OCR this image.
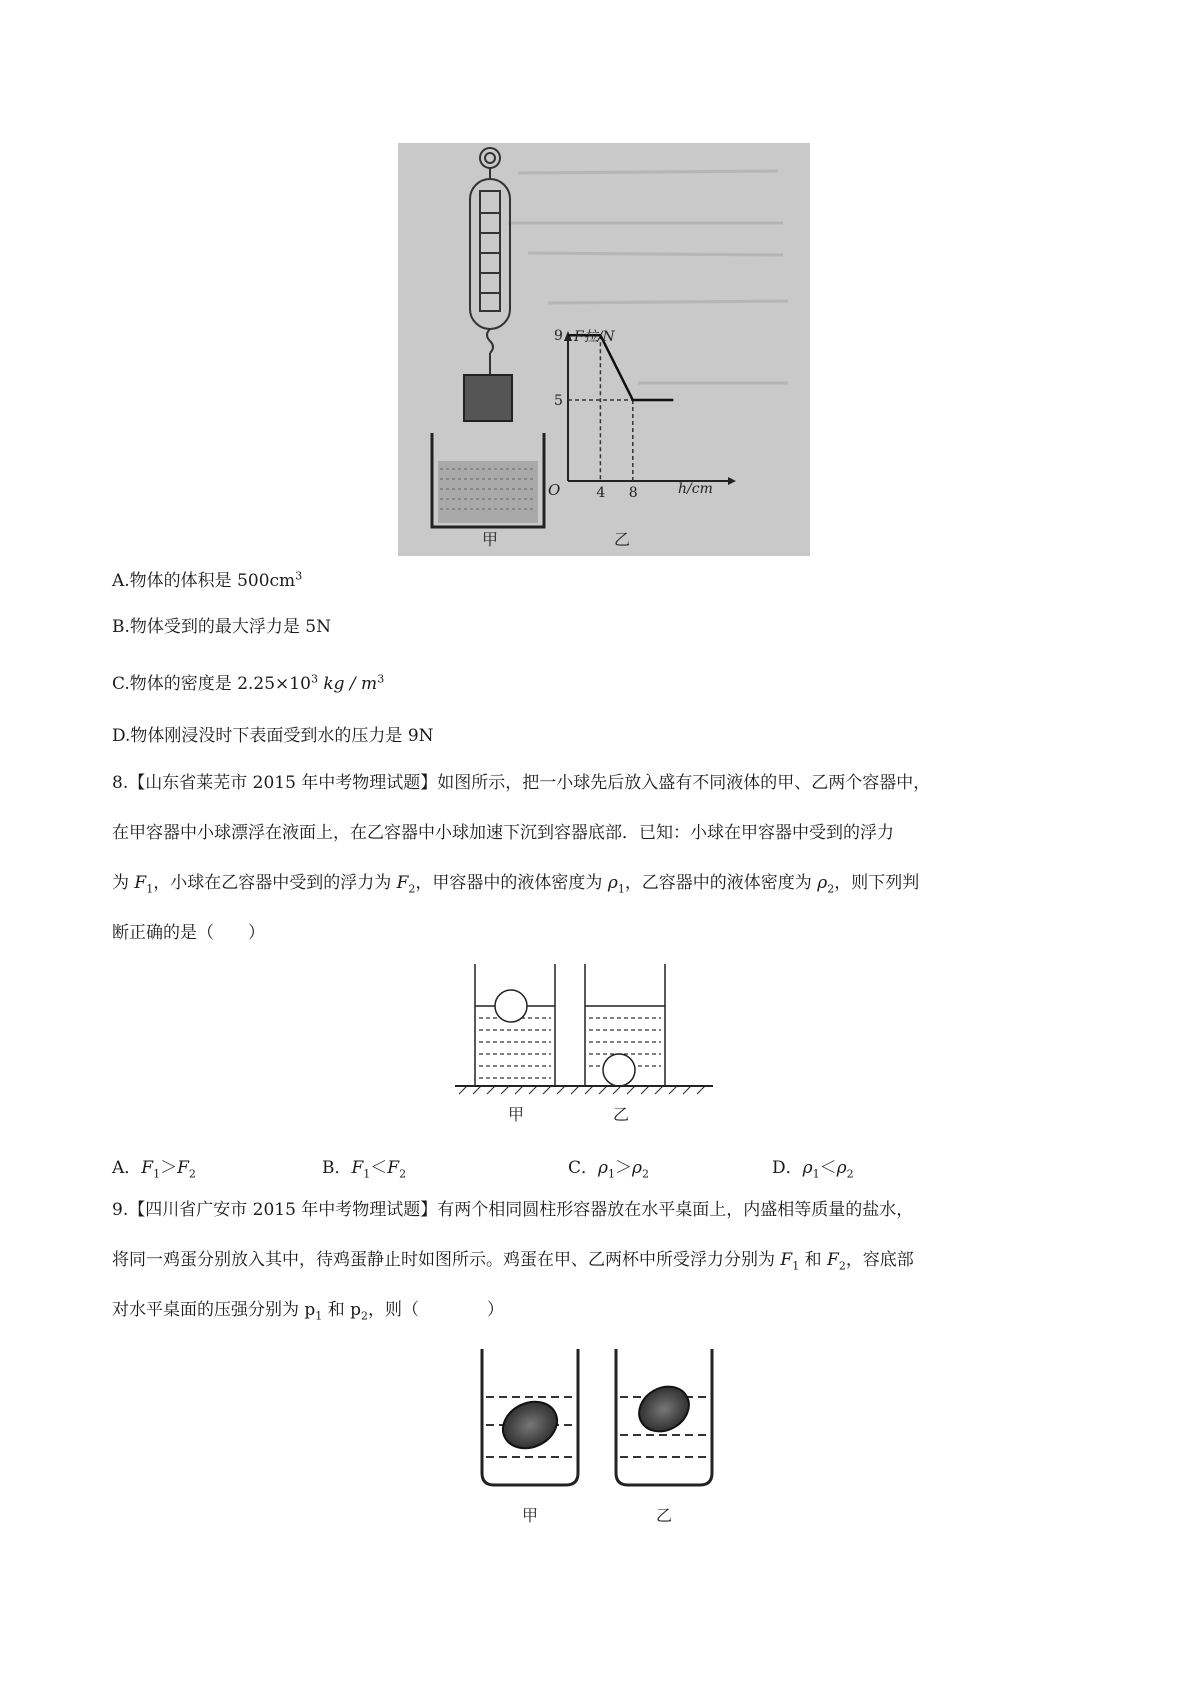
甲	乙
F拉/N
h/cm
O	4 8
5
9
A.物体的体积是 $500cm^3$
B.物体受到的最大浮力是 5N
C.物体的密度是 $2.25\times 10^3$ kg / $m^3$
D.物体刚浸没时下表面受到水的压力是 9N

8.【山东省莱芜市 2015 年中考物理试题】如图所示，把一小球先后放入盛有不同液体的甲、乙两个容器中，

在甲容器中小球漂浮在液面上，在乙容器中小球加速下沉到容器底部．已知：小球在甲容器中受到的浮力

为 $F_1$，小球在乙容器中受到的浮力为 $F_2$，甲容器中的液体密度为 $\rho_1$，乙容器中的液体密度为 $\rho_2$，则下列判

断正确的是（　　）

甲	乙
A．$F_1>F_2$	B．$F_1<F_2$	C．$\rho_1>\rho_2$	D．$\rho_1<\rho_2$

9.【四川省广安市 2015 年中考物理试题】有两个相同圆柱形容器放在水平桌面上，内盛相等质量的盐水，

将同一鸡蛋分别放入其中，待鸡蛋静止时如图所示。鸡蛋在甲、乙两杯中所受浮力分别为 $F_1$ 和 $F_2$，容底部

对水平桌面的压强分别为 $p_1$ 和 $p_2$，则（　　　　）

甲	乙
